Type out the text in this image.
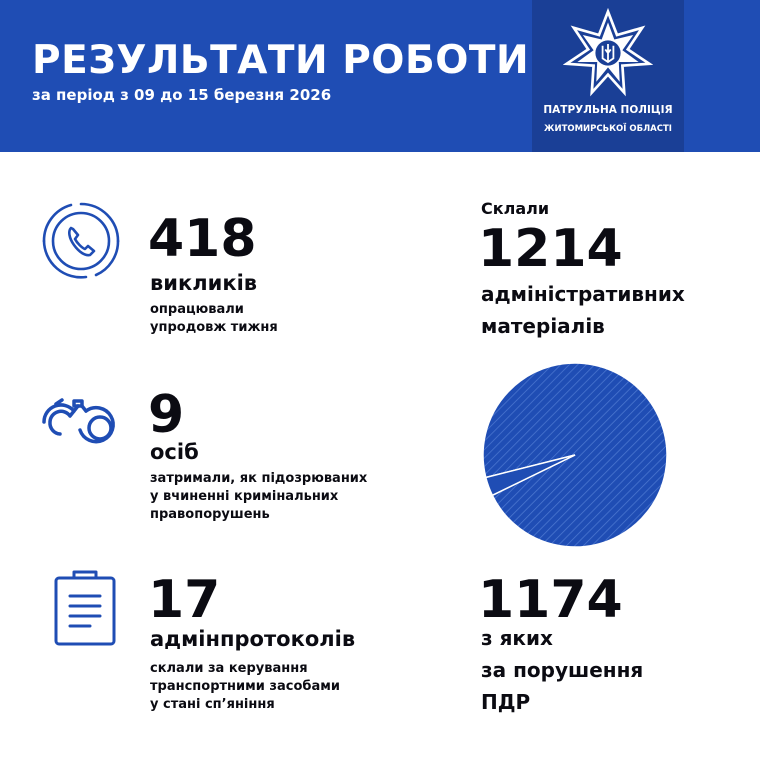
РЕЗУЛЬТАТИ РОБОТИ
за період з 09 до 15 березня 2026
ПАТРУЛЬНА ПОЛІЦІЯ
ЖИТОМИРСЬКОЇ ОБЛАСТІ
418
викликів
опрацювали
упродовж тижня
9
осіб
затримали, як підозрюваних
у вчиненні кримінальних
правопорушень
17
адмінпротоколів
склали за керування
транспортними засобами
у стані сп’яніння
Склали
1214
адміністративних
матеріалів
1174
з яких
за порушення
ПДР
